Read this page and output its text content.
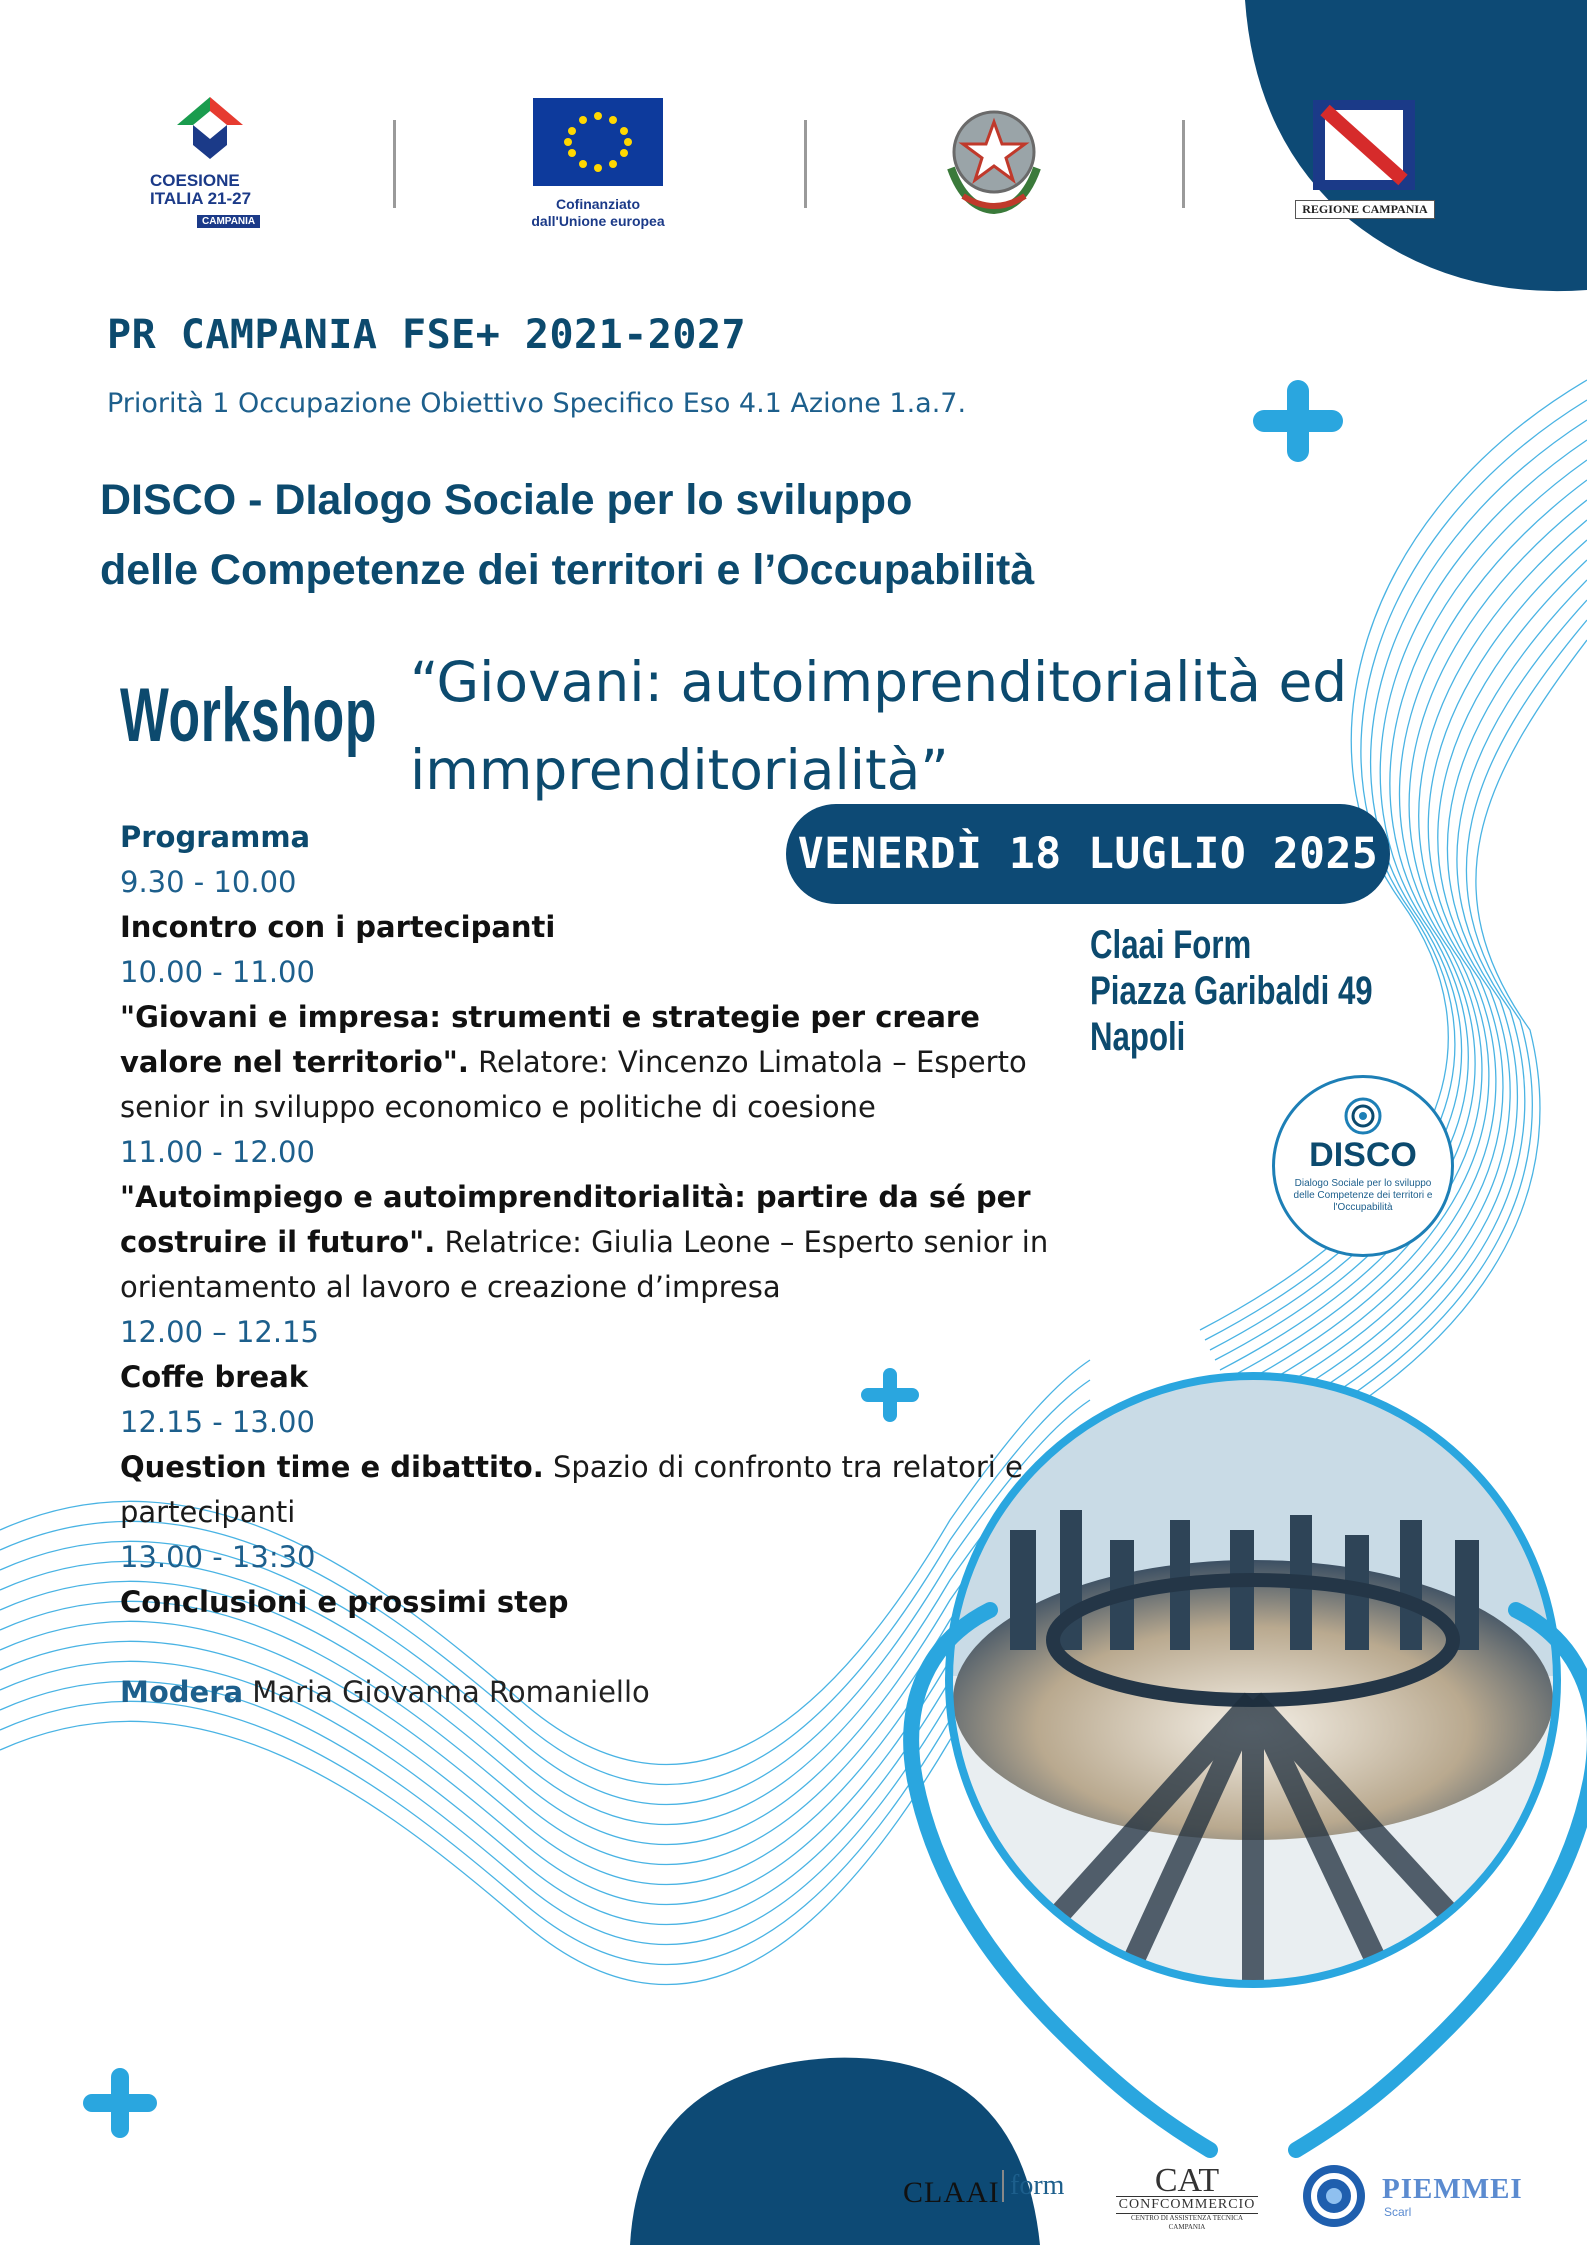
COESIONE ITALIA 21-27
CAMPANIA
Cofinanziato
dall'Unione europea
REGIONE CAMPANIA
PR CAMPANIA FSE+ 2021-2027
Priorità 1 Occupazione Obiettivo Specifico Eso 4.1 Azione 1.a.7.
DISCO - DIalogo Sociale per lo sviluppo
delle Competenze dei territori e l’Occupabilità
Workshop “Giovani: autoimprenditorialità ed
immprenditorialità”
Programma
9.30 - 10.00
Incontro con i partecipanti
10.00 - 11.00
"Giovani e impresa: strumenti e strategie per creare valore nel territorio". Relatore: Vincenzo Limatola – Esperto senior in sviluppo economico e politiche di coesione
11.00 - 12.00
"Autoimpiego e autoimprenditorialità: partire da sé per costruire il futuro". Relatrice: Giulia Leone – Esperto senior in orientamento al lavoro e creazione d’impresa
12.00 – 12.15
Coffe break
12.15 - 13.00
Question time e dibattito. Spazio di confronto tra relatori e partecipanti
13.00 - 13:30
Conclusioni e prossimi step
Modera Maria Giovanna Romaniello
VENERDÌ 18 LUGLIO 2025
Claai Form
Piazza Garibaldi 49
Napoli
DISCO
Dialogo Sociale per lo sviluppo delle Competenze dei territori e l'Occupabilità
CLAAI form	CAT
CONFCOMMERCIO
CENTRO DI ASSISTENZA TECNICA CAMPANIA
PIEMMEI
Scarl
